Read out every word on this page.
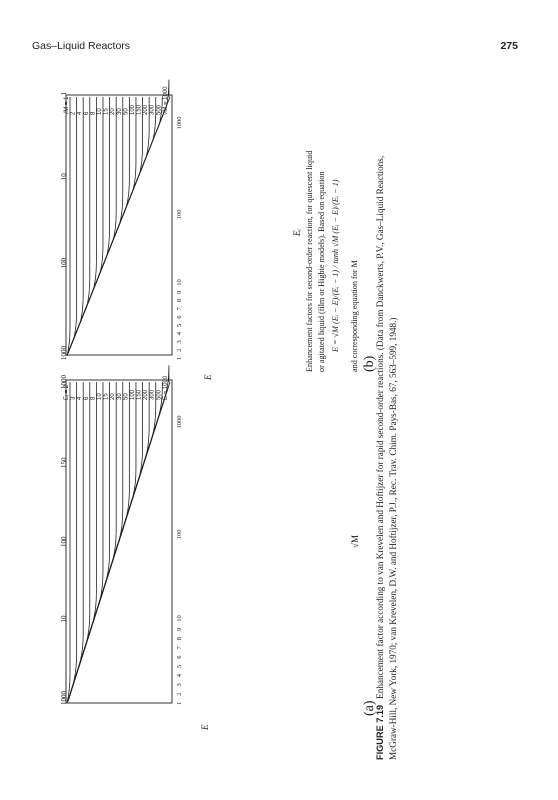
Gas–Liquid Reactors	275
E = 1000
500
300
200
150
100
50
30
20
15
10
8
6
4
3
Eᵢ = 2
√M = 1000
500
300
200
150
100
50
30
20
15
10
8
6
4
2
√M = 1
(a)
(b)
√M
E
Eᵢ
E
Enhancement factors for second-order reaction, for quiescent liquid or agitated liquid (film or Higbie models). Based on equation E = √M (Eᵢ − E)/(Eᵢ − 1) / tanh √M (Eᵢ − E)/(Eᵢ − 1) and corresponding equation for M
FIGURE 7.19Enhancement factor according to van Krevelen and Hoftijzer for rapid second-order reactions. (Data from Danckwerts, P.V., Gas–Liquid Reactions, McGraw-Hill, New York, 1970; van Krevelen, D.W. and Hoftijzer, P.J., Rec. Trav. Chim. Pays-Bas, 67, 563–599, 1948.)
1000
10
100
150
1000
1000
100
10
1
1
2
3
4
5
6
7
8
9
10
100
1000
1
2
3
4
5
6
7
8
9
10
100
1000
